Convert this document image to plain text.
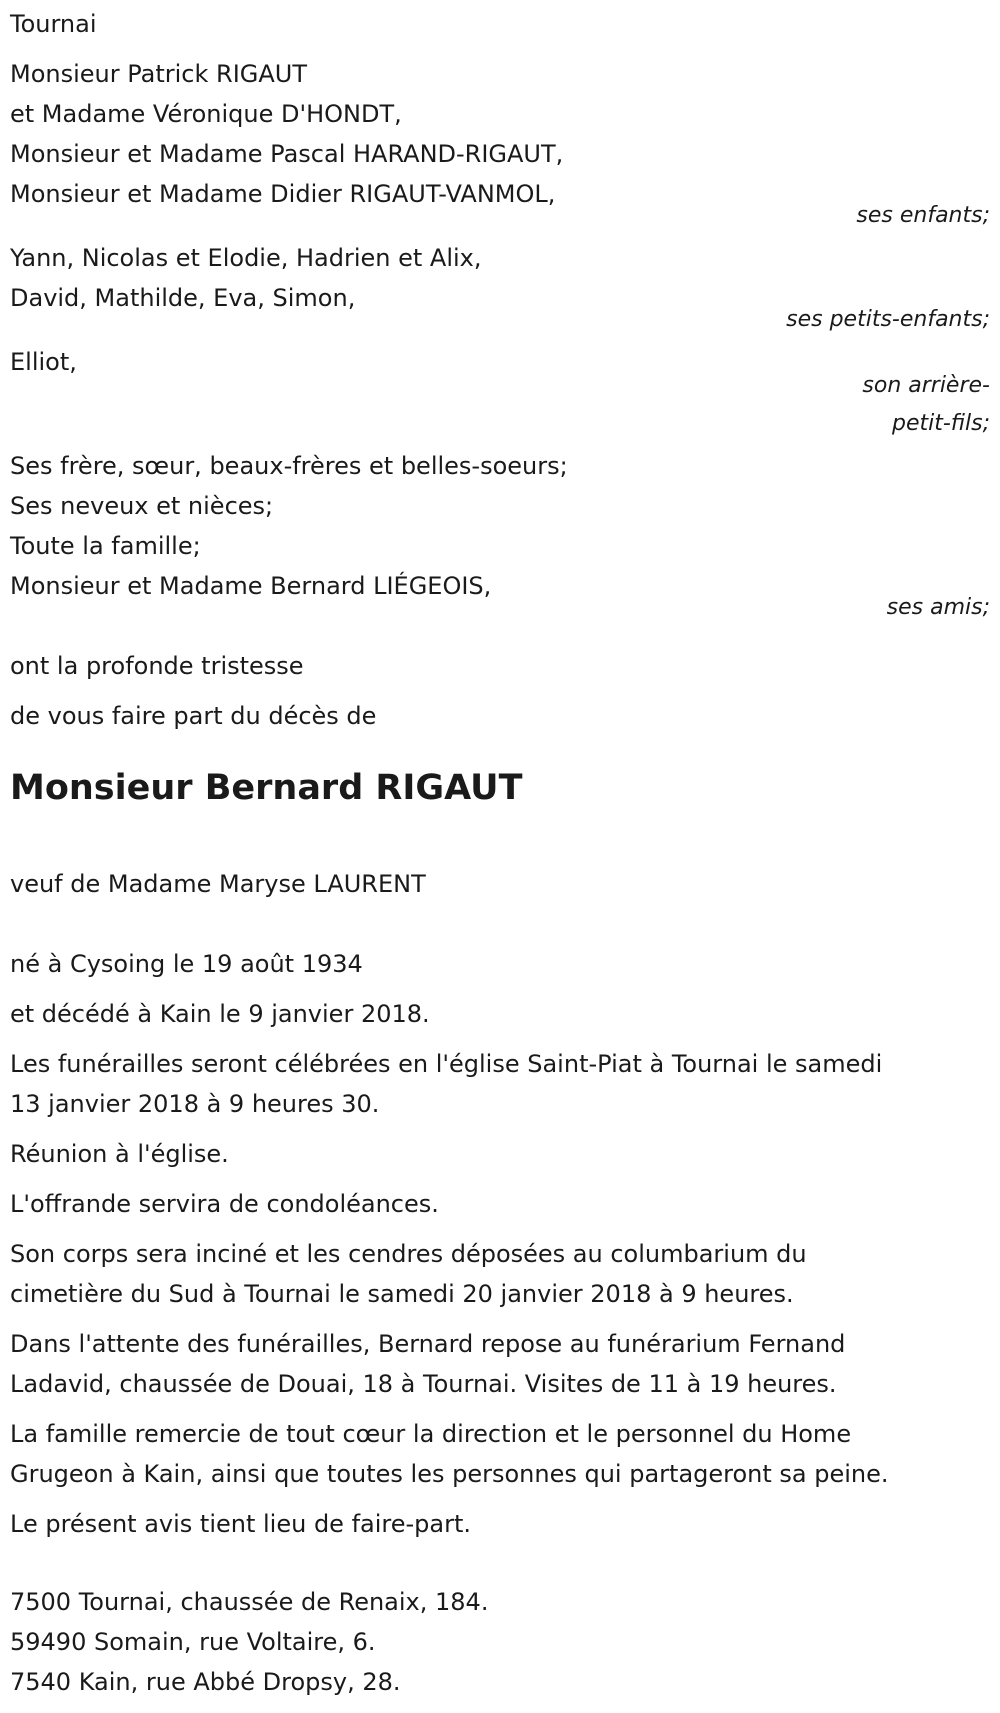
Tournai
Monsieur Patrick RIGAUT
et Madame Véronique D'HONDT,
Monsieur et Madame Pascal HARAND-RIGAUT,
Monsieur et Madame Didier RIGAUT-VANMOL,
ses enfants;
Yann, Nicolas et Elodie, Hadrien et Alix,
David, Mathilde, Eva, Simon,
ses petits-enfants;
Elliot,
son arrière-
petit-fils;
Ses frère, sœur, beaux-frères et belles-soeurs;
Ses neveux et nièces;
Toute la famille;
Monsieur et Madame Bernard LIÉGEOIS,
ses amis;
ont la profonde tristesse
de vous faire part du décès de
Monsieur Bernard RIGAUT
veuf de Madame Maryse LAURENT
né à Cysoing le 19 août 1934
et décédé à Kain le 9 janvier 2018.
Les funérailles seront célébrées en l'église Saint-Piat à Tournai le samedi
13 janvier 2018 à 9 heures 30.
Réunion à l'église.
L'offrande servira de condoléances.
Son corps sera inciné et les cendres déposées au columbarium du
cimetière du Sud à Tournai le samedi 20 janvier 2018 à 9 heures.
Dans l'attente des funérailles, Bernard repose au funérarium Fernand
Ladavid, chaussée de Douai, 18 à Tournai. Visites de 11 à 19 heures.
La famille remercie de tout cœur la direction et le personnel du Home
Grugeon à Kain, ainsi que toutes les personnes qui partageront sa peine.
Le présent avis tient lieu de faire-part.
7500 Tournai, chaussée de Renaix, 184.
59490 Somain, rue Voltaire, 6.
7540 Kain, rue Abbé Dropsy, 28.
